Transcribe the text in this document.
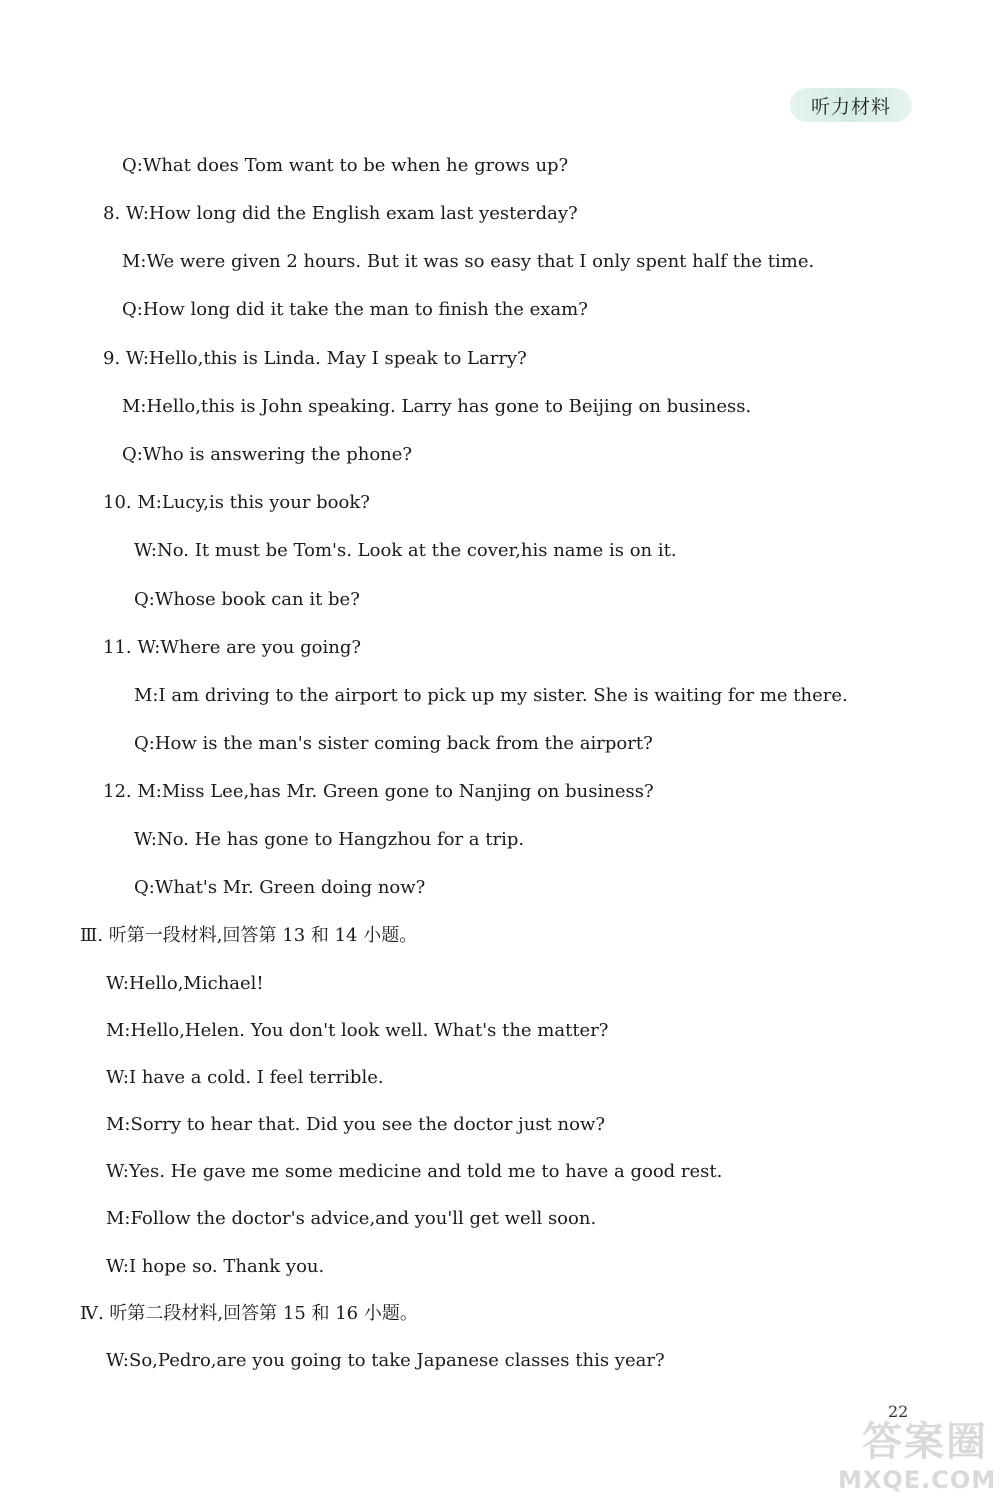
听力材料
Q:What does Tom want to be when he grows up?
8. W:How long did the English exam last yesterday?
M:We were given 2 hours. But it was so easy that I only spent half the time.
Q:How long did it take the man to finish the exam?
9. W:Hello,this is Linda. May I speak to Larry?
M:Hello,this is John speaking. Larry has gone to Beijing on business.
Q:Who is answering the phone?
10. M:Lucy,is this your book?
W:No. It must be Tom's. Look at the cover,his name is on it.
Q:Whose book can it be?
11. W:Where are you going?
M:I am driving to the airport to pick up my sister. She is waiting for me there.
Q:How is the man's sister coming back from the airport?
12. M:Miss Lee,has Mr. Green gone to Nanjing on business?
W:No. He has gone to Hangzhou for a trip.
Q:What's Mr. Green doing now?
Ⅲ. 听第一段材料,回答第 13 和 14 小题。
W:Hello,Michael!
M:Hello,Helen. You don't look well. What's the matter?
W:I have a cold. I feel terrible.
M:Sorry to hear that. Did you see the doctor just now?
W:Yes. He gave me some medicine and told me to have a good rest.
M:Follow the doctor's advice,and you'll get well soon.
W:I hope so. Thank you.
Ⅳ. 听第二段材料,回答第 15 和 16 小题。
W:So,Pedro,are you going to take Japanese classes this year?
22
答案圈
MXQE.COM
